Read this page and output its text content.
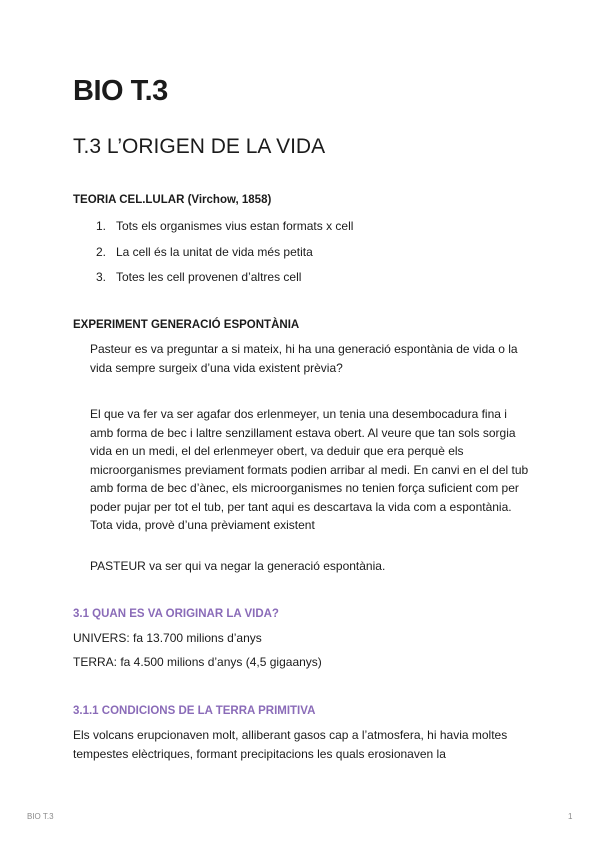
BIO T.3
T.3 L’ORIGEN DE LA VIDA
TEORIA CEL.LULAR (Virchow, 1858)
1. Tots els organismes vius estan formats x cell
2. La cell és la unitat de vida més petita
3. Totes les cell provenen d’altres cell
EXPERIMENT GENERACIÓ ESPONTÀNIA

Pasteur es va preguntar a si mateix, hi ha una generació espontània de vida o la vida sempre surgeix d’una vida existent prèvia?

El que va fer va ser agafar dos erlenmeyer, un tenia una desembocadura fina i amb forma de bec i laltre senzillament estava obert. Al veure que tan sols sorgia vida en un medi, el del erlenmeyer obert, va deduir que era perquè els microorganismes previament formats podien arribar al medi. En canvi en el del tub amb forma de bec d’ànec, els microorganismes no tenien força suficient com per poder pujar per tot el tub, per tant aqui es descartava la vida com a espontània. Tota vida, provè d’una prèviament existent

PASTEUR va ser qui va negar la generació espontània.

3.1 QUAN ES VA ORIGINAR LA VIDA?

UNIVERS: fa 13.700 milions d’anys

TERRA: fa 4.500 milions d’anys (4,5 gigaanys)

3.1.1 CONDICIONS DE LA TERRA PRIMITIVA

Els volcans erupcionaven molt, alliberant gasos cap a l’atmosfera, hi havia moltes tempestes elèctriques, formant precipitacions les quals erosionaven la

BIO T.3	1
